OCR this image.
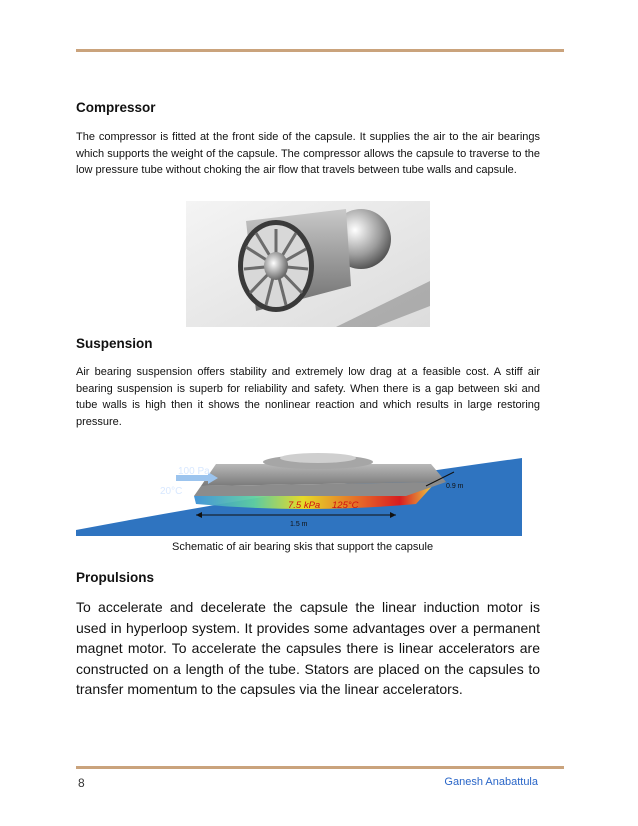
Compressor

The compressor is fitted at the front side of the capsule. It supplies the air to the air bearings which supports the weight of the capsule. The compressor allows the capsule to traverse to the low pressure tube without choking the air flow that travels between tube walls and capsule.

Suspension

Air bearing suspension offers stability and extremely low drag at a feasible cost. A stiff air bearing suspension is superb for reliability and safety. When there is a gap between ski and tube walls is high then it shows the nonlinear reaction and which results in large restoring pressure.

100 Pa
20°C
7.5 kPa 125°C
1.5 m
0.9 m
Schematic of air bearing skis that support the capsule
Propulsions

To accelerate and decelerate the capsule the linear induction motor is used in hyperloop system. It provides some advantages over a permanent magnet motor. To accelerate the capsules there is linear accelerators are constructed on a length of the tube. Stators are placed on the capsules to transfer momentum to the capsules via the linear accelerators.

8	Ganesh Anabattula
